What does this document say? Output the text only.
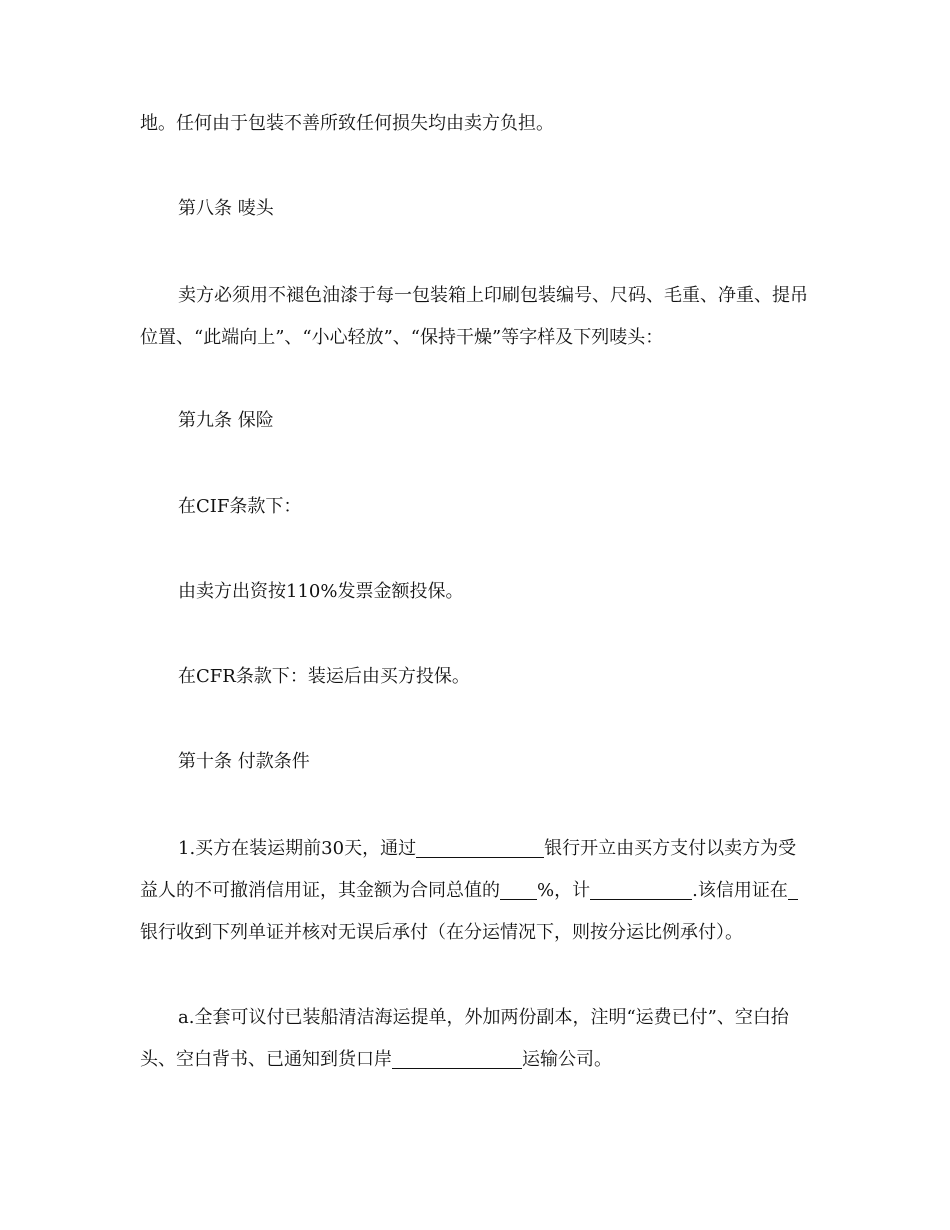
地。任何由于包装不善所致任何损失均由卖方负担。
第八条 唛头
卖方必须用不褪色油漆于每一包装箱上印刷包装编号、尺码、毛重、净重、提吊
位置、“此端向上”、“小心轻放”、“保持干燥”等字样及下列唛头：
第九条 保险
在CIF条款下：
由卖方出资按110%发票金额投保。
在CFR条款下：装运后由买方投保。
第十条 付款条件
1.买方在装运期前30天，通过	银行开立由买方支付以卖方为受
益人的不可撤消信用证，其金额为合同总值的 %，计	.该信用证在
银行收到下列单证并核对无误后承付（在分运情况下，则按分运比例承付）。
a.全套可议付已装船清洁海运提单，外加两份副本，注明“运费已付”、空白抬
头、空白背书、已通知到货口岸	运输公司。
